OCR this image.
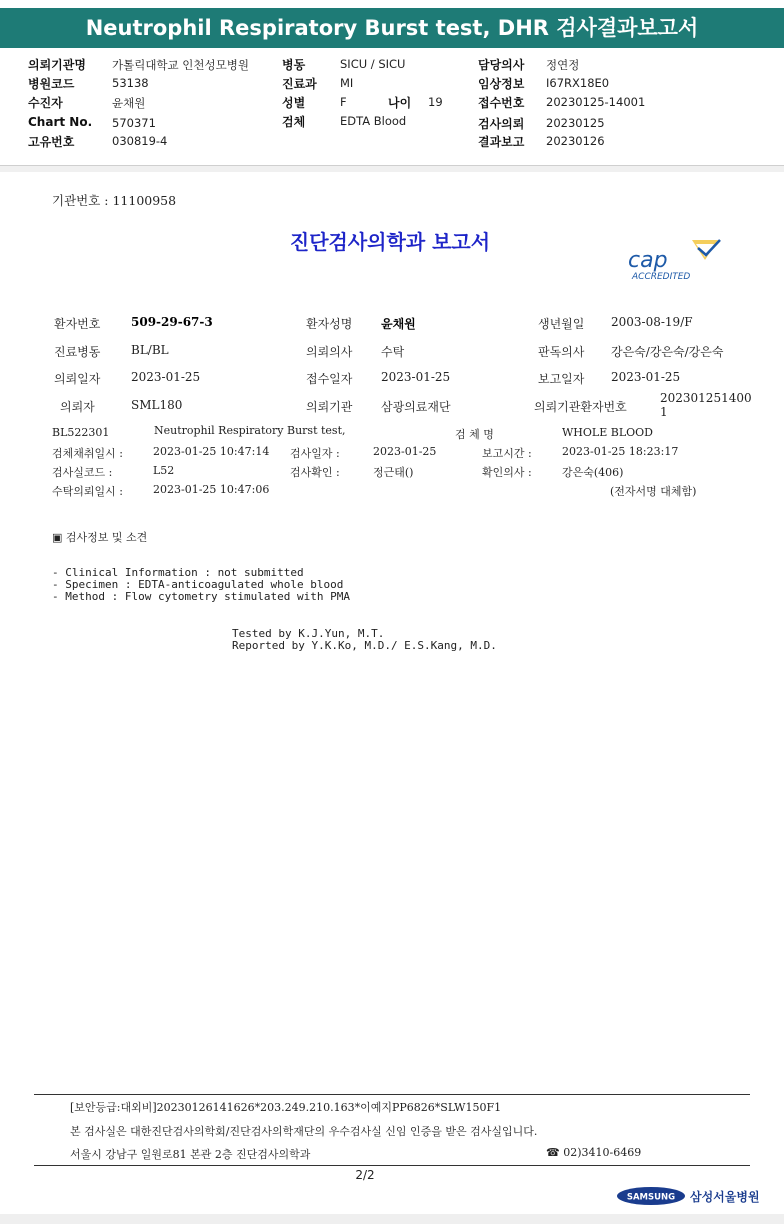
Neutrophil Respiratory Burst test, DHR 검사결과보고서
의뢰기관명 가톨릭대학교 인천성모병원	병동	SICU / SICU	담당의사 정연정
병원코드	53138	진료과 MI	임상정보 I67RX18E0
수진자	윤채원	성별	F	나이 19	접수번호 20230125-14001
Chart No. 570371	검체	EDTA Blood	검사의뢰 20230125
고유번호	030819-4	결과보고 20230126
기관번호 : 11100958
진단검사의학과 보고서
cap
ACCREDITED
환자번호	509-29-67-3	환자성명 윤채원	생년월일 2003-08-19/F
진료병동	BL/BL	의뢰의사 수탁	판독의사 강은숙/강은숙/강은숙
의뢰일자	2023-01-25	접수일자 2023-01-25	보고일자 2023-01-25
의뢰자	SML180	의뢰기관 삼광의료재단	의뢰기관환자번호
202301251400
1
BL522301	Neutrophil Respiratory Burst test,	검 체 명	WHOLE BLOOD
검체채취일시 :	2023-01-25 10:47:14 검사일자 :	2023-01-25	보고시간 :	2023-01-25 18:23:17
검사실코드 :	L52	검사확인 :	정근태()	확인의사 :	강은숙(406)
수탁의뢰일시 :	2023-01-25 10:47:06	(전자서명 대체함)
▣ 검사정보 및 소견
- Clinical Information : not submitted
- Specimen : EDTA-anticoagulated whole blood
- Method : Flow cytometry stimulated with PMA
Tested by K.J.Yun, M.T.
Reported by Y.K.Ko, M.D./ E.S.Kang, M.D.
[보안등급:대외비]20230126141626*203.249.210.163*이예지PP6826*SLW150F1
본 검사실은 대한진단검사의학회/진단검사의학재단의 우수검사실 신임 인증을 받은 검사실입니다.
서울시 강남구 일원로81 본관 2층 진단검사의학과	☎ 02)3410-6469
2/2
SAMSUNG 삼성서울병원
